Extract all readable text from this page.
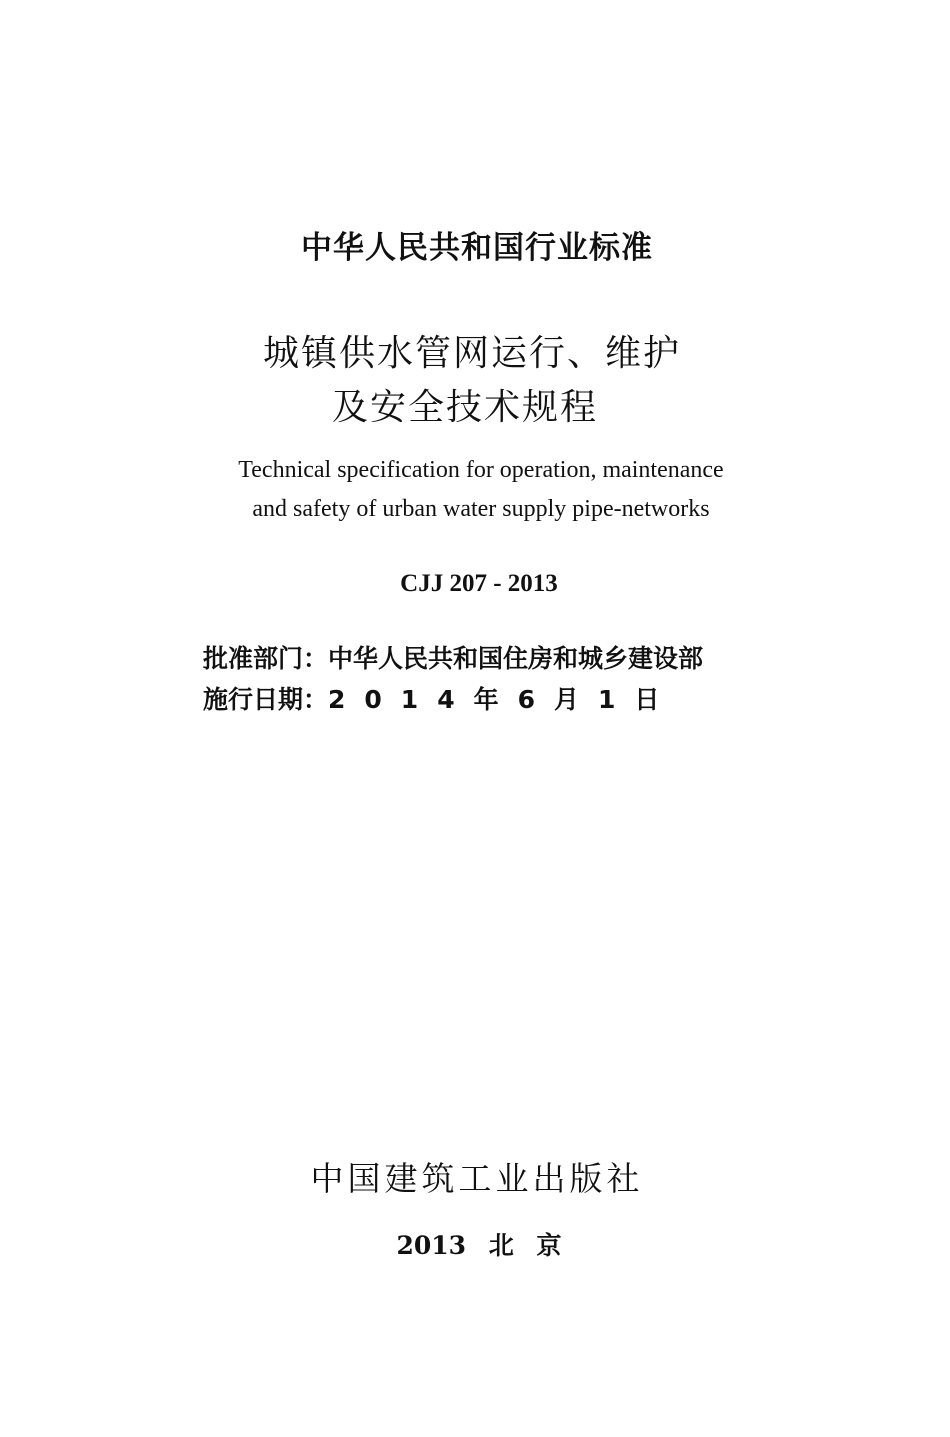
中华人民共和国行业标准
城镇供水管网运行、维护
及安全技术规程
Technical specification for operation, maintenance
and safety of urban water supply pipe-networks
CJJ 207 - 2013
批准部门：中华人民共和国住房和城乡建设部
施行日期：2014年6月1日
中国建筑工业出版社
2013 北 京
